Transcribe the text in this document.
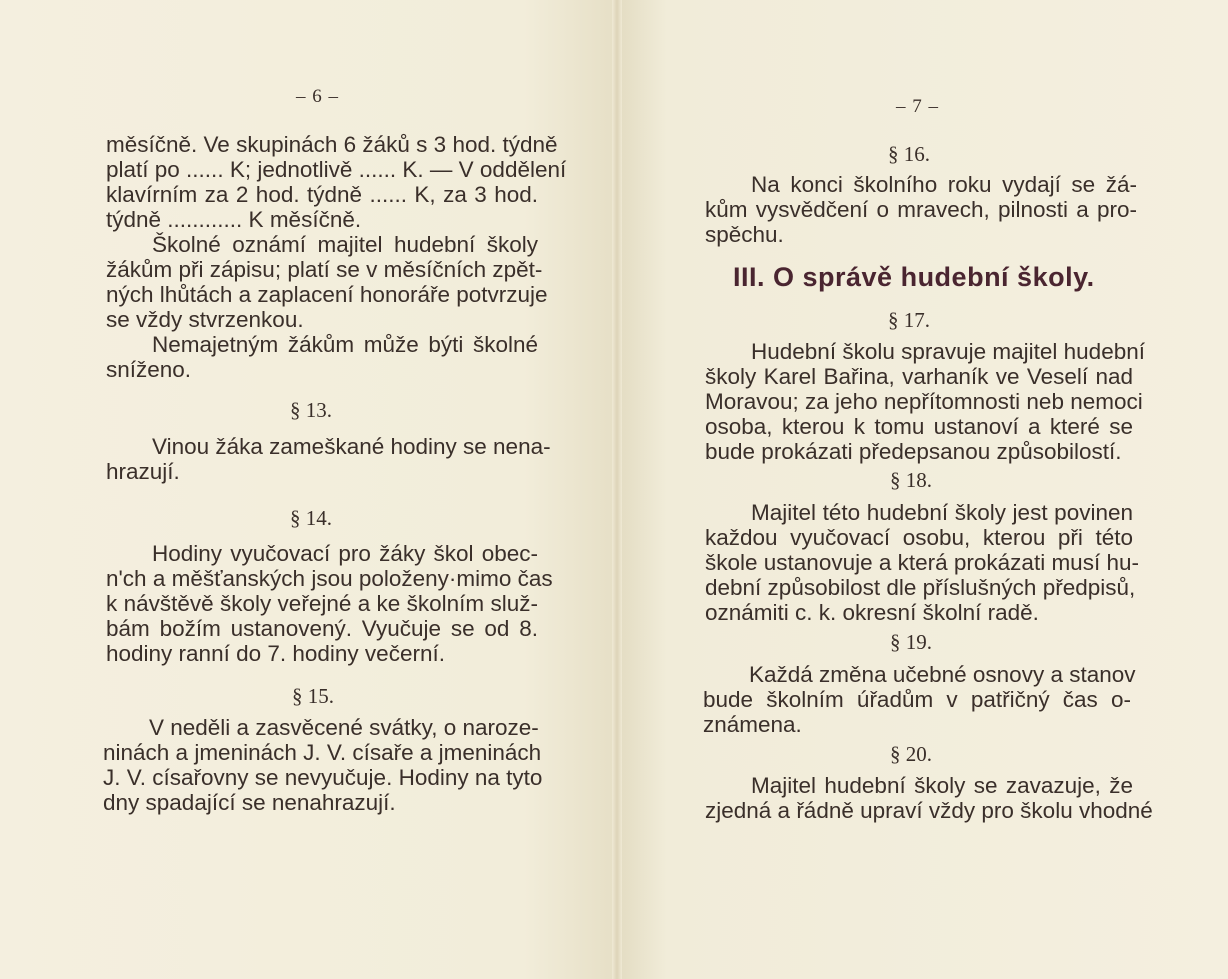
– 6 –
měsíčně. Ve skupinách 6 žáků s 3 hod. týdně
platí po ...... K; jednotlivě ...... K. — V oddělení
klavírním za 2 hod. týdně ...... K, za 3 hod.
týdně ............ K měsíčně.
Školné oznámí majitel hudební školy
žákům při zápisu; platí se v měsíčních zpět-
ných lhůtách a zaplacení honoráře potvrzuje
se vždy stvrzenkou.
Nemajetným žákům může býti školné
sníženo.
§ 13.
Vinou žáka zameškané hodiny se nena-
hrazují.
§ 14.
Hodiny vyučovací pro žáky škol obec-
n'ch a měšťanských jsou položeny·mimo čas
k návštěvě školy veřejné a ke školním služ-
bám božím ustanovený. Vyučuje se od 8.
hodiny ranní do 7. hodiny večerní.
§ 15.
V neděli a zasvěcené svátky, o naroze-
ninách a jmeninách J. V. císaře a jmeninách
J. V. císařovny se nevyučuje. Hodiny na tyto
dny spadající se nenahrazují.
– 7 –
§ 16.
Na konci školního roku vydají se žá-
kům vysvědčení o mravech, pilnosti a pro-
spěchu.
III. O správě hudební školy.
§ 17.
Hudební školu spravuje majitel hudební
školy Karel Bařina, varhaník ve Veselí nad
Moravou; za jeho nepřítomnosti neb nemoci
osoba, kterou k tomu ustanoví a které se
bude prokázati předepsanou způsobilostí.
§ 18.
Majitel této hudební školy jest povinen
každou vyučovací osobu, kterou při této
škole ustanovuje a která prokázati musí hu-
dební způsobilost dle příslušných předpisů,
oznámiti c. k. okresní školní radě.
§ 19.
Každá změna učebné osnovy a stanov
bude školním úřadům v patřičný čas o-
známena.
§ 20.
Majitel hudební školy se zavazuje, že
zjedná a řádně upraví vždy pro školu vhodné
